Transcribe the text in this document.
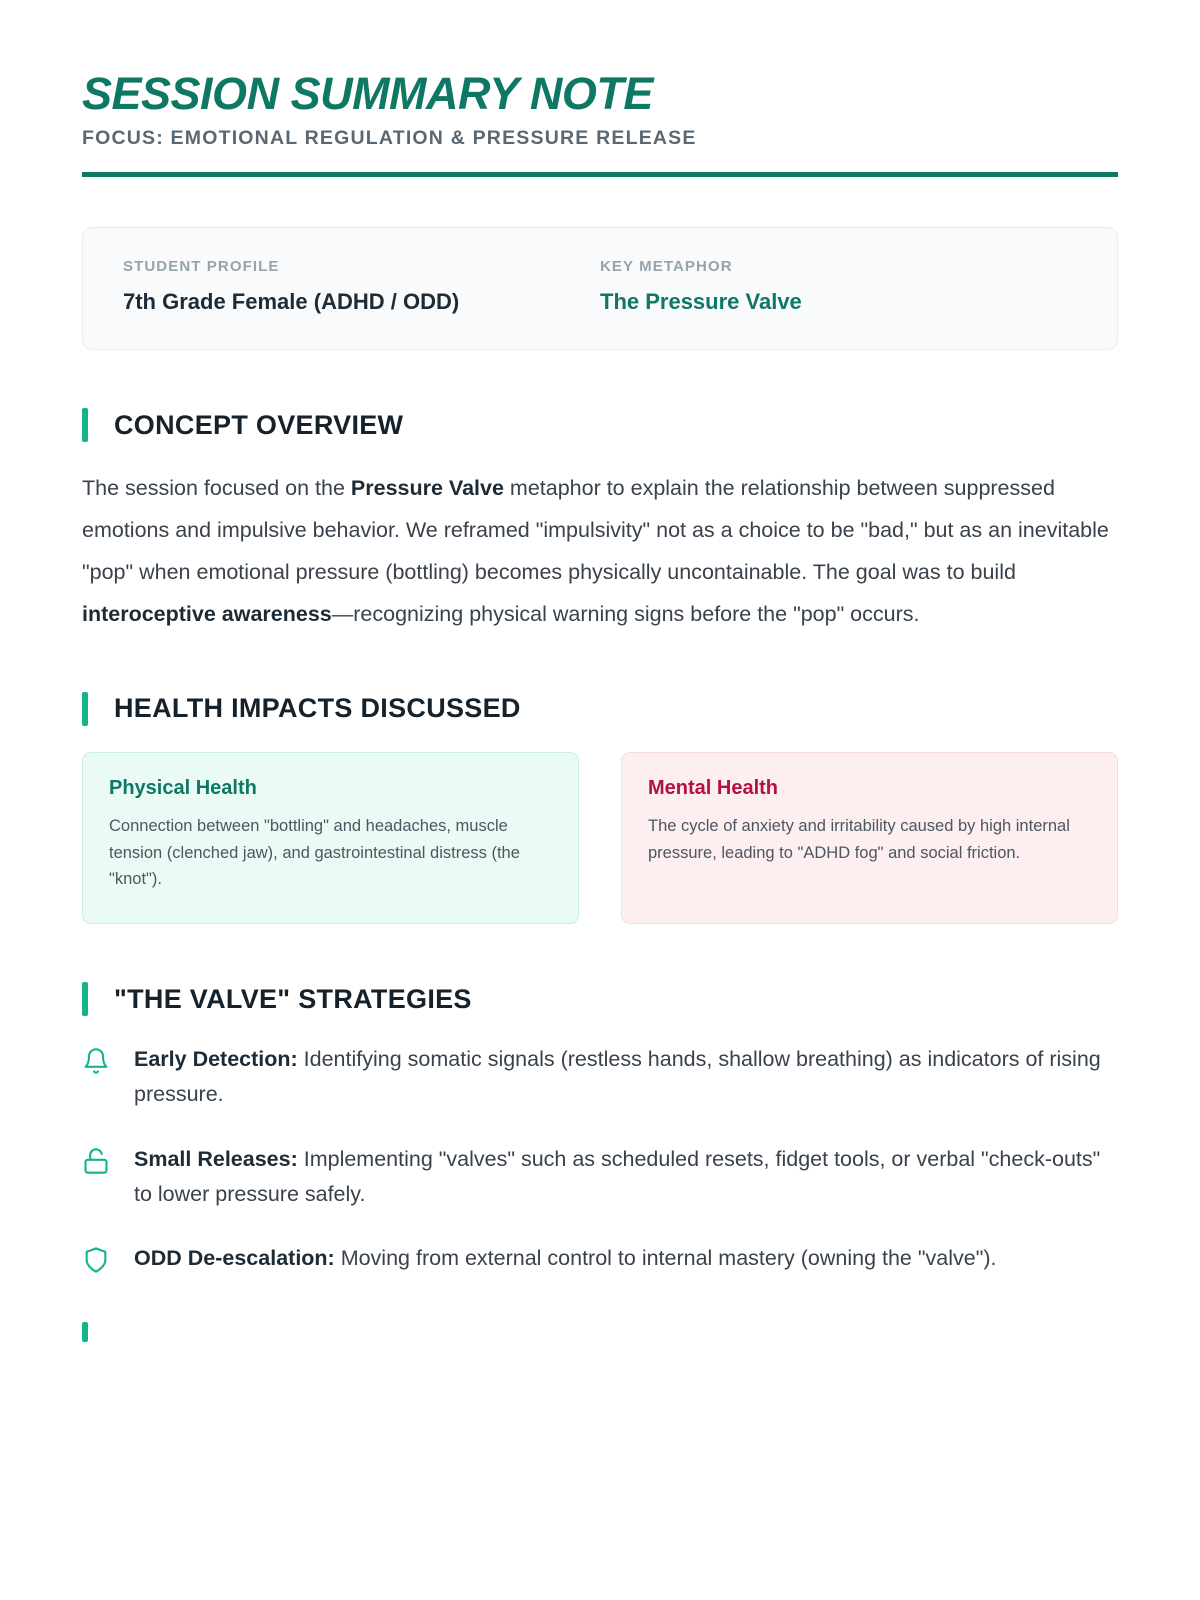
SESSION SUMMARY NOTE
FOCUS: EMOTIONAL REGULATION & PRESSURE RELEASE
STUDENT PROFILE
7th Grade Female (ADHD / ODD)
KEY METAPHOR
The Pressure Valve
CONCEPT OVERVIEW

The session focused on the Pressure Valve metaphor to explain the relationship between suppressed emotions and impulsive behavior. We reframed "impulsivity" not as a choice to be "bad," but as an inevitable "pop" when emotional pressure (bottling) becomes physically uncontainable. The goal was to build interoceptive awareness—recognizing physical warning signs before the "pop" occurs.

HEALTH IMPACTS DISCUSSED
Physical Health
Connection between "bottling" and headaches, muscle tension (clenched jaw), and gastrointestinal distress (the "knot").
Mental Health
The cycle of anxiety and irritability caused by high internal pressure, leading to "ADHD fog" and social friction.
"THE VALVE" STRATEGIES
Early Detection: Identifying somatic signals (restless hands, shallow breathing) as indicators of rising pressure.
Small Releases: Implementing "valves" such as scheduled resets, fidget tools, or verbal "check-outs" to lower pressure safely.
ODD De-escalation: Moving from external control to internal mastery (owning the "valve").
